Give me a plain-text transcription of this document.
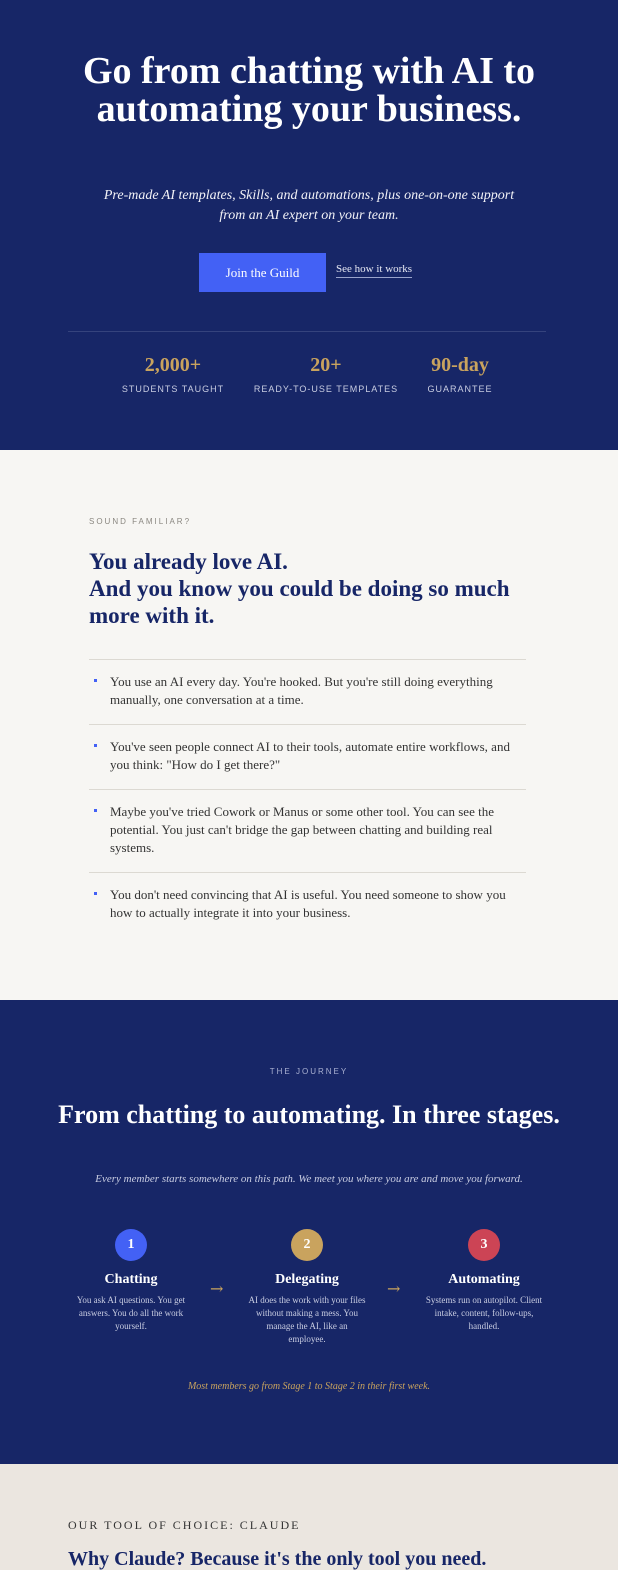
Go from chatting with AI to automating your business.

Pre-made AI templates, Skills, and automations, plus one-on-one support from an AI expert on your team.

Join the Guild	See how it works
2,000+
STUDENTS TAUGHT
20+
READY-TO-USE TEMPLATES
90-day
GUARANTEE
SOUND FAMILIAR?
You already love AI.
And you know you could be doing so much more with it.
You use an AI every day. You're hooked. But you're still doing everything manually, one conversation at a time.
You've seen people connect AI to their tools, automate entire workflows, and you think: "How do I get there?"
Maybe you've tried Cowork or Manus or some other tool. You can see the potential. You just can't bridge the gap between chatting and building real systems.
You don't need convincing that AI is useful. You need someone to show you how to actually integrate it into your business.
THE JOURNEY
From chatting to automating. In three stages.

Every member starts somewhere on this path. We meet you where you are and move you forward.

1
Chatting
You ask AI questions. You get answers. You do all the work yourself.
→
2
Delegating
AI does the work with your files without making a mess. You manage the AI, like an employee.
→
3
Automating
Systems run on autopilot. Client intake, content, follow-ups, handled.

Most members go from Stage 1 to Stage 2 in their first week.

OUR TOOL OF CHOICE: CLAUDE
Why Claude? Because it's the only tool you need.
